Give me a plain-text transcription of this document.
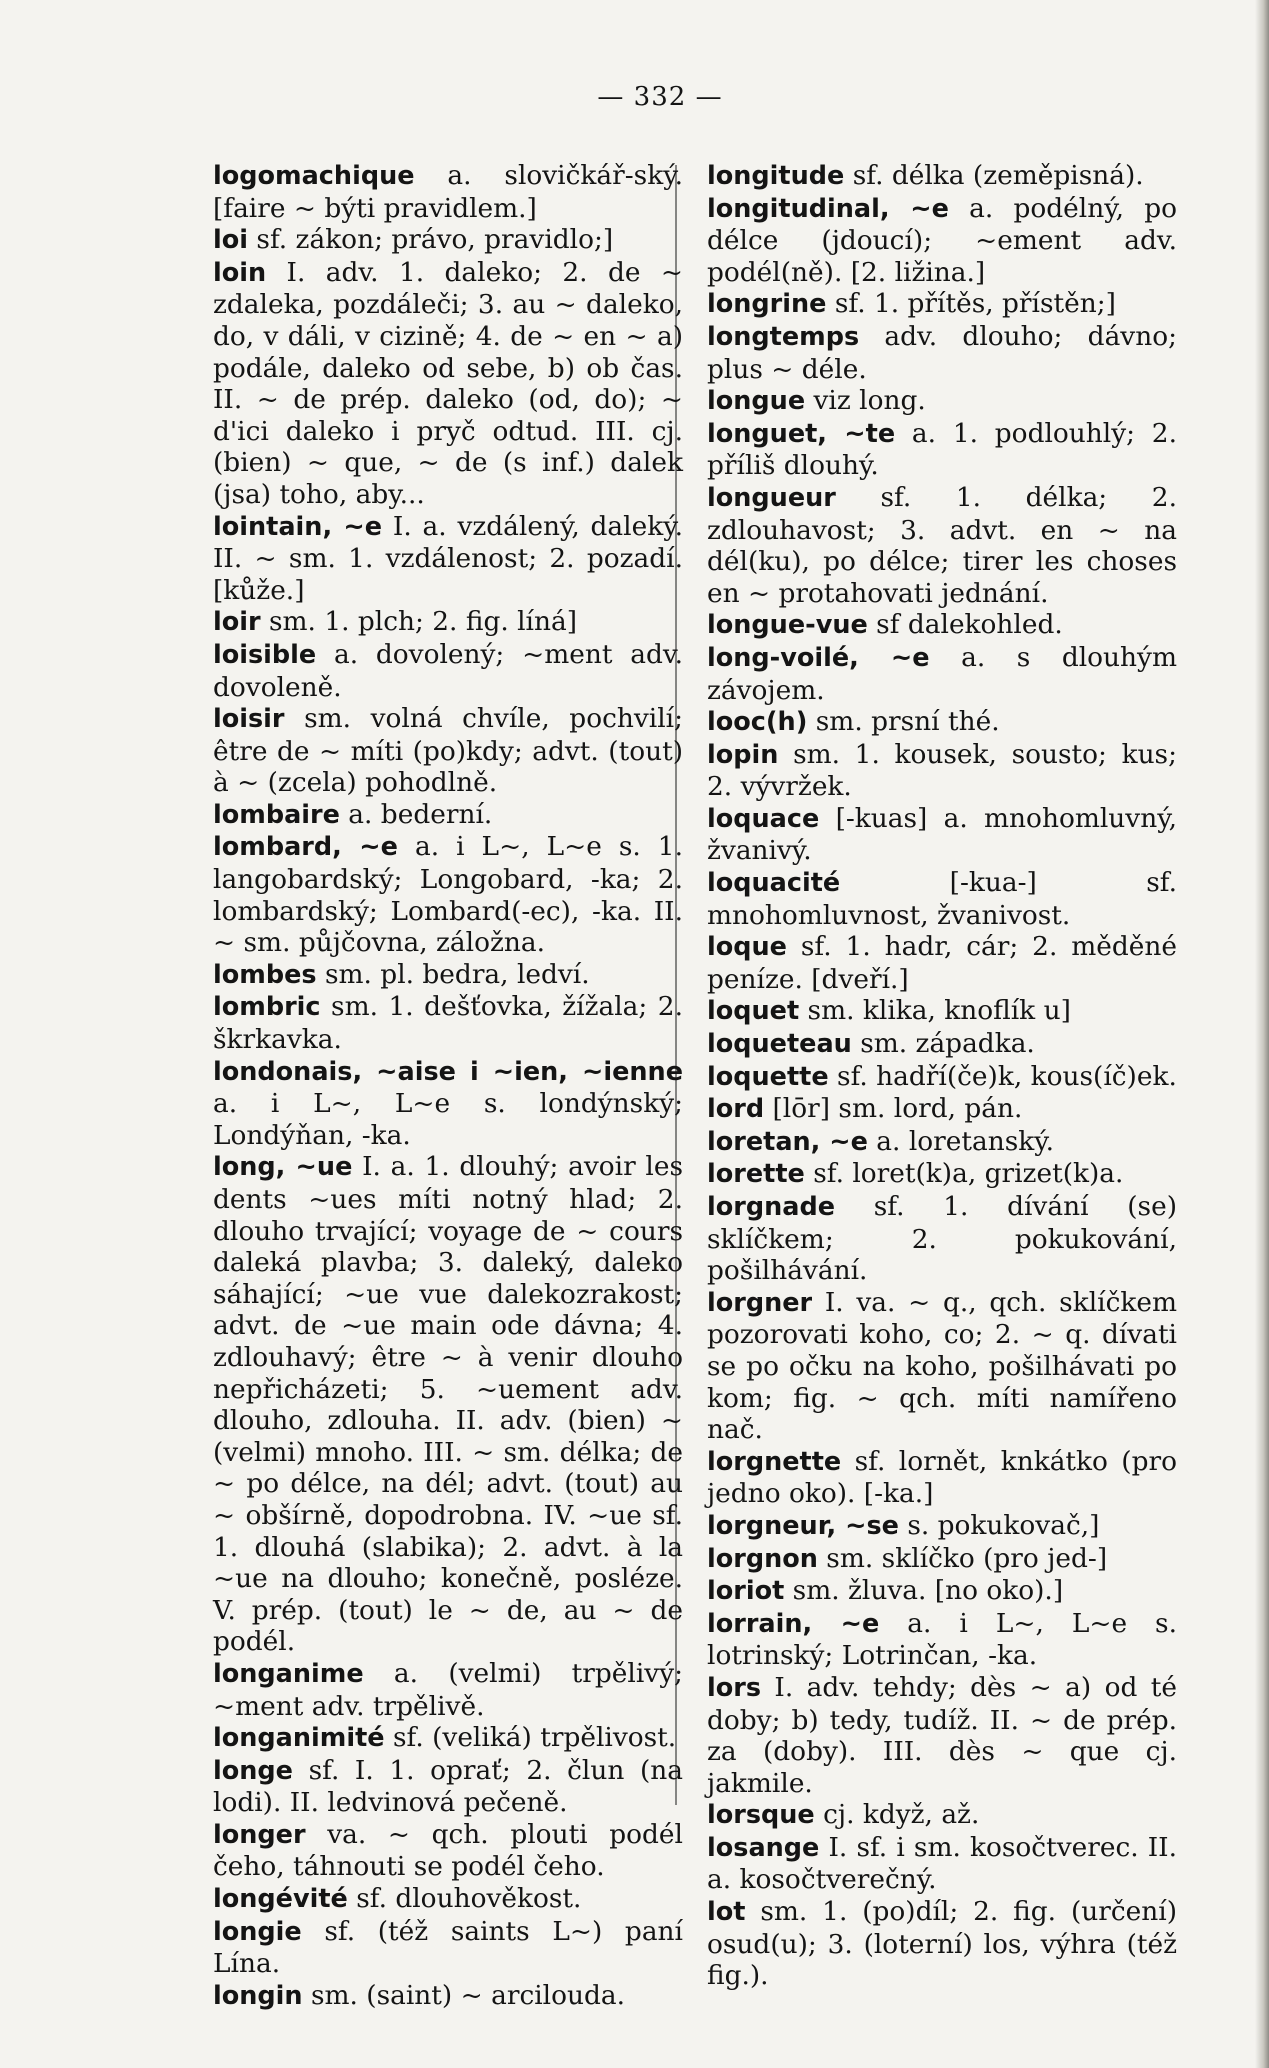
— 332 —

logomachique a. slovičkář-ský. [faire ~ býti pravidlem.]

loi sf. zákon; právo, pravidlo;]

loin I. adv. 1. daleko; 2. de ~ zdaleka, pozdáleči; 3. au ~ daleko, do, v dáli, v cizině; 4. de ~ en ~ a) podále, daleko od sebe, b) ob čas. II. ~ de prép. daleko (od, do); ~ d'ici daleko i pryč odtud. III. cj. (bien) ~ que, ~ de (s inf.) dalek (jsa) toho, aby...

lointain, ~e I. a. vzdálený, daleký. II. ~ sm. 1. vzdálenost; 2. pozadí. [kůže.]

loir sm. 1. plch; 2. fig. líná]

loisible a. dovolený; ~ment adv. dovoleně.

loisir sm. volná chvíle, pochvilí; être de ~ míti (po)kdy; advt. (tout) à ~ (zcela) pohodlně.

lombaire a. bederní.

lombard, ~e a. i L~, L~e s. 1. langobardský; Longobard, -ka; 2. lombardský; Lombard(-ec), -ka. II. ~ sm. půjčovna, záložna.

lombes sm. pl. bedra, ledví.

lombric sm. 1. dešťovka, žížala; 2. škrkavka.

londonais, ~aise i ~ien, ~ienne a. i L~, L~e s. londýnský; Londýňan, -ka.

long, ~ue I. a. 1. dlouhý; avoir les dents ~ues míti notný hlad; 2. dlouho trvající; voyage de ~ cours daleká plavba; 3. daleký, daleko sáhající; ~ue vue dalekozrakost; advt. de ~ue main ode dávna; 4. zdlouhavý; être ~ à venir dlouho nepřicházeti; 5. ~uement adv. dlouho, zdlouha. II. adv. (bien) ~ (velmi) mnoho. III. ~ sm. délka; de ~ po délce, na dél; advt. (tout) au ~ obšírně, dopodrobna. IV. ~ue sf. 1. dlouhá (slabika); 2. advt. à la ~ue na dlouho; konečně, posléze. V. prép. (tout) le ~ de, au ~ de podél.

longanime a. (velmi) trpělivý; ~ment adv. trpělivě.

longanimité sf. (veliká) trpělivost.

longe sf. I. 1. oprať; 2. člun (na lodi). II. ledvinová pečeně.

longer va. ~ qch. plouti podél čeho, táhnouti se podél čeho.

longévité sf. dlouhověkost.

longie sf. (též saints L~) paní Lína.

longin sm. (saint) ~ arcilouda.

longitude sf. délka (zeměpisná).

longitudinal, ~e a. podélný, po délce (jdoucí); ~ement adv. podél(ně). [2. ližina.]

longrine sf. 1. přítěs, přístěn;]

longtemps adv. dlouho; dávno; plus ~ déle.

longue viz long.

longuet, ~te a. 1. podlouhlý; 2. příliš dlouhý.

longueur sf. 1. délka; 2. zdlouhavost; 3. advt. en ~ na dél(ku), po délce; tirer les choses en ~ protahovati jednání.

longue-vue sf dalekohled.

long-voilé, ~e a. s dlouhým závojem.

looc(h) sm. prsní thé.

lopin sm. 1. kousek, sousto; kus; 2. vývržek.

loquace [-kuas] a. mnohomluvný, žvanivý.

loquacité [-kua-] sf. mnohomluvnost, žvanivost.

loque sf. 1. hadr, cár; 2. měděné peníze. [dveří.]

loquet sm. klika, knoflík u]

loqueteau sm. západka.

loquette sf. hadří(če)k, kous(íč)ek.

lord [lōr] sm. lord, pán.

loretan, ~e a. loretanský.

lorette sf. loret(k)a, grizet(k)a.

lorgnade sf. 1. dívání (se) sklíčkem; 2. pokukování, pošilhávání.

lorgner I. va. ~ q., qch. sklíčkem pozorovati koho, co; 2. ~ q. dívati se po očku na koho, pošilhávati po kom; fig. ~ qch. míti namířeno nač.

lorgnette sf. lornět, knkátko (pro jedno oko). [-ka.]

lorgneur, ~se s. pokukovač,]

lorgnon sm. sklíčko (pro jed-]

loriot sm. žluva. [no oko).]

lorrain, ~e a. i L~, L~e s. lotrinský; Lotrinčan, -ka.

lors I. adv. tehdy; dès ~ a) od té doby; b) tedy, tudíž. II. ~ de prép. za (doby). III. dès ~ que cj. jakmile.

lorsque cj. když, až.

losange I. sf. i sm. kosočtverec. II. a. kosočtverečný.

lot sm. 1. (po)díl; 2. fig. (určení) osud(u); 3. (loterní) los, výhra (též fig.).
